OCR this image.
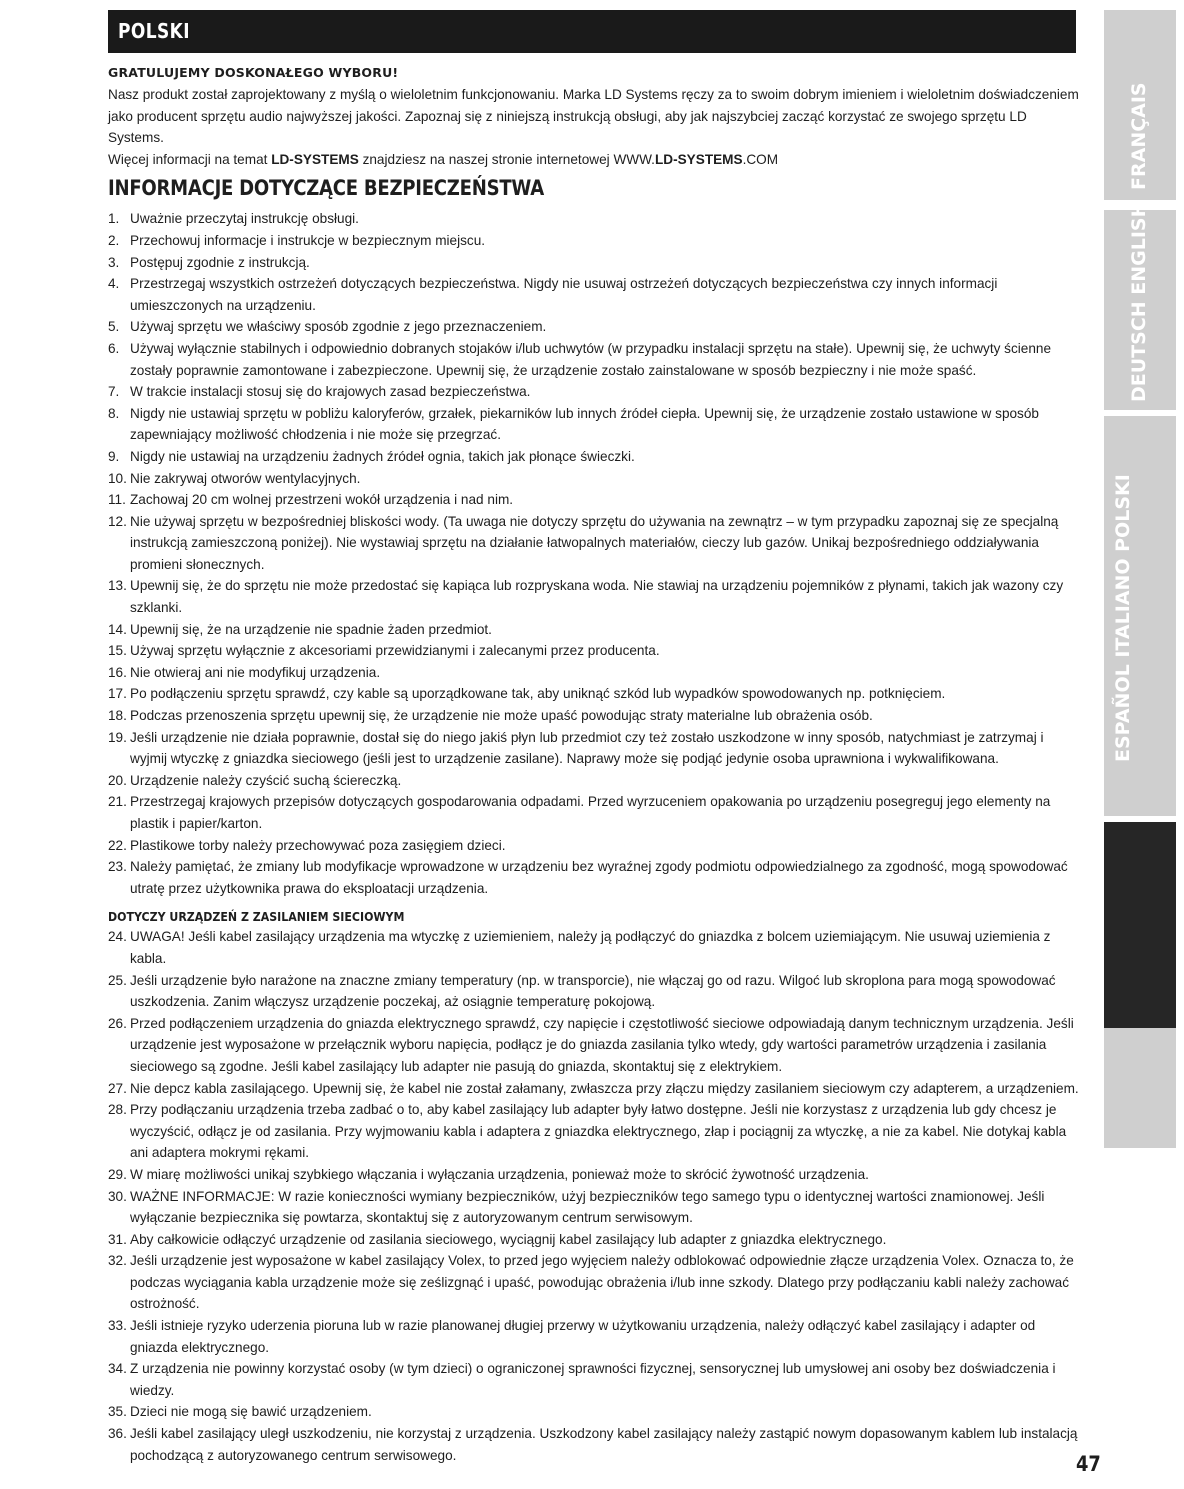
POLSKI
GRATULUJEMY DOSKONAŁEGO WYBORU!

Nasz produkt został zaprojektowany z myślą o wieloletnim funkcjonowaniu. Marka LD Systems ręczy za to swoim dobrym imieniem i wieloletnim doświadczeniem jako producent sprzętu audio najwyższej jakości. Zapoznaj się z niniejszą instrukcją obsługi, aby jak najszybciej zacząć korzystać ze swojego sprzętu LD Systems.

Więcej informacji na temat LD-SYSTEMS znajdziesz na naszej stronie internetowej WWW.LD-SYSTEMS.COM

INFORMACJE DOTYCZĄCE BEZPIECZEŃSTWA
1. Uważnie przeczytaj instrukcję obsługi.
2. Przechowuj informacje i instrukcje w bezpiecznym miejscu.
3. Postępuj zgodnie z instrukcją.
4. Przestrzegaj wszystkich ostrzeżeń dotyczących bezpieczeństwa. Nigdy nie usuwaj ostrzeżeń dotyczących bezpieczeństwa czy innych informacji umieszczonych na urządzeniu.
5. Używaj sprzętu we właściwy sposób zgodnie z jego przeznaczeniem.
6. Używaj wyłącznie stabilnych i odpowiednio dobranych stojaków i/lub uchwytów (w przypadku instalacji sprzętu na stałe). Upewnij się, że uchwyty ścienne zostały poprawnie zamontowane i zabezpieczone. Upewnij się, że urządzenie zostało zainstalowane w sposób bezpieczny i nie może spaść.
7. W trakcie instalacji stosuj się do krajowych zasad bezpieczeństwa.
8. Nigdy nie ustawiaj sprzętu w pobliżu kaloryferów, grzałek, piekarników lub innych źródeł ciepła. Upewnij się, że urządzenie zostało ustawione w sposób zapewniający możliwość chłodzenia i nie może się przegrzać.
9. Nigdy nie ustawiaj na urządzeniu żadnych źródeł ognia, takich jak płonące świeczki.
10. Nie zakrywaj otworów wentylacyjnych.
11. Zachowaj 20 cm wolnej przestrzeni wokół urządzenia i nad nim.
12. Nie używaj sprzętu w bezpośredniej bliskości wody. (Ta uwaga nie dotyczy sprzętu do używania na zewnątrz – w tym przypadku zapoznaj się ze specjalną instrukcją zamieszczoną poniżej). Nie wystawiaj sprzętu na działanie łatwopalnych materiałów, cieczy lub gazów. Unikaj bezpośredniego oddziaływania promieni słonecznych.
13. Upewnij się, że do sprzętu nie może przedostać się kapiąca lub rozpryskana woda. Nie stawiaj na urządzeniu pojemników z płynami, takich jak wazony czy szklanki.
14. Upewnij się, że na urządzenie nie spadnie żaden przedmiot.
15. Używaj sprzętu wyłącznie z akcesoriami przewidzianymi i zalecanymi przez producenta.
16. Nie otwieraj ani nie modyfikuj urządzenia.
17. Po podłączeniu sprzętu sprawdź, czy kable są uporządkowane tak, aby uniknąć szkód lub wypadków spowodowanych np. potknięciem.
18. Podczas przenoszenia sprzętu upewnij się, że urządzenie nie może upaść powodując straty materialne lub obrażenia osób.
19. Jeśli urządzenie nie działa poprawnie, dostał się do niego jakiś płyn lub przedmiot czy też zostało uszkodzone w inny sposób, natychmiast je zatrzymaj i wyjmij wtyczkę z gniazdka sieciowego (jeśli jest to urządzenie zasilane). Naprawy może się podjąć jedynie osoba uprawniona i wykwalifikowana.
20. Urządzenie należy czyścić suchą ściereczką.
21. Przestrzegaj krajowych przepisów dotyczących gospodarowania odpadami. Przed wyrzuceniem opakowania po urządzeniu posegreguj jego elementy na plastik i papier/karton.
22. Plastikowe torby należy przechowywać poza zasięgiem dzieci.
23. Należy pamiętać, że zmiany lub modyfikacje wprowadzone w urządzeniu bez wyraźnej zgody podmiotu odpowiedzialnego za zgodność, mogą spowodować utratę przez użytkownika prawa do eksploatacji urządzenia.
DOTYCZY URZĄDZEŃ Z ZASILANIEM SIECIOWYM
24. UWAGA! Jeśli kabel zasilający urządzenia ma wtyczkę z uziemieniem, należy ją podłączyć do gniazdka z bolcem uziemiającym. Nie usuwaj uziemienia z kabla.
25. Jeśli urządzenie było narażone na znaczne zmiany temperatury (np. w transporcie), nie włączaj go od razu. Wilgoć lub skroplona para mogą spowodować uszkodzenia. Zanim włączysz urządzenie poczekaj, aż osiągnie temperaturę pokojową.
26. Przed podłączeniem urządzenia do gniazda elektrycznego sprawdź, czy napięcie i częstotliwość sieciowe odpowiadają danym technicznym urządzenia. Jeśli urządzenie jest wyposażone w przełącznik wyboru napięcia, podłącz je do gniazda zasilania tylko wtedy, gdy wartości parametrów urządzenia i zasilania sieciowego są zgodne. Jeśli kabel zasilający lub adapter nie pasują do gniazda, skontaktuj się z elektrykiem.
27. Nie depcz kabla zasilającego. Upewnij się, że kabel nie został załamany, zwłaszcza przy złączu między zasilaniem sieciowym czy adapterem, a urządzeniem.
28. Przy podłączaniu urządzenia trzeba zadbać o to, aby kabel zasilający lub adapter były łatwo dostępne. Jeśli nie korzystasz z urządzenia lub gdy chcesz je wyczyścić, odłącz je od zasilania. Przy wyjmowaniu kabla i adaptera z gniazdka elektrycznego, złap i pociągnij za wtyczkę, a nie za kabel. Nie dotykaj kabla ani adaptera mokrymi rękami.
29. W miarę możliwości unikaj szybkiego włączania i wyłączania urządzenia, ponieważ może to skrócić żywotność urządzenia.
30. WAŻNE INFORMACJE: W razie konieczności wymiany bezpieczników, użyj bezpieczników tego samego typu o identycznej wartości znamionowej. Jeśli wyłączanie bezpiecznika się powtarza, skontaktuj się z autoryzowanym centrum serwisowym.
31. Aby całkowicie odłączyć urządzenie od zasilania sieciowego, wyciągnij kabel zasilający lub adapter z gniazdka elektrycznego.
32. Jeśli urządzenie jest wyposażone w kabel zasilający Volex, to przed jego wyjęciem należy odblokować odpowiednie złącze urządzenia Volex. Oznacza to, że podczas wyciągania kabla urządzenie może się ześlizgnąć i upaść, powodując obrażenia i/lub inne szkody. Dlatego przy podłączaniu kabli należy zachować ostrożność.
33. Jeśli istnieje ryzyko uderzenia pioruna lub w razie planowanej długiej przerwy w użytkowaniu urządzenia, należy odłączyć kabel zasilający i adapter od gniazda elektrycznego.
34. Z urządzenia nie powinny korzystać osoby (w tym dzieci) o ograniczonej sprawności fizycznej, sensorycznej lub umysłowej ani osoby bez doświadczenia i wiedzy.
35. Dzieci nie mogą się bawić urządzeniem.
36. Jeśli kabel zasilający uległ uszkodzeniu, nie korzystaj z urządzenia. Uszkodzony kabel zasilający należy zastąpić nowym dopasowanym kablem lub instalacją pochodzącą z autoryzowanego centrum serwisowego.
FRANÇAIS
DEUTSCH ENGLISH
ESPAÑOL ITALIANO POLSKI
47
